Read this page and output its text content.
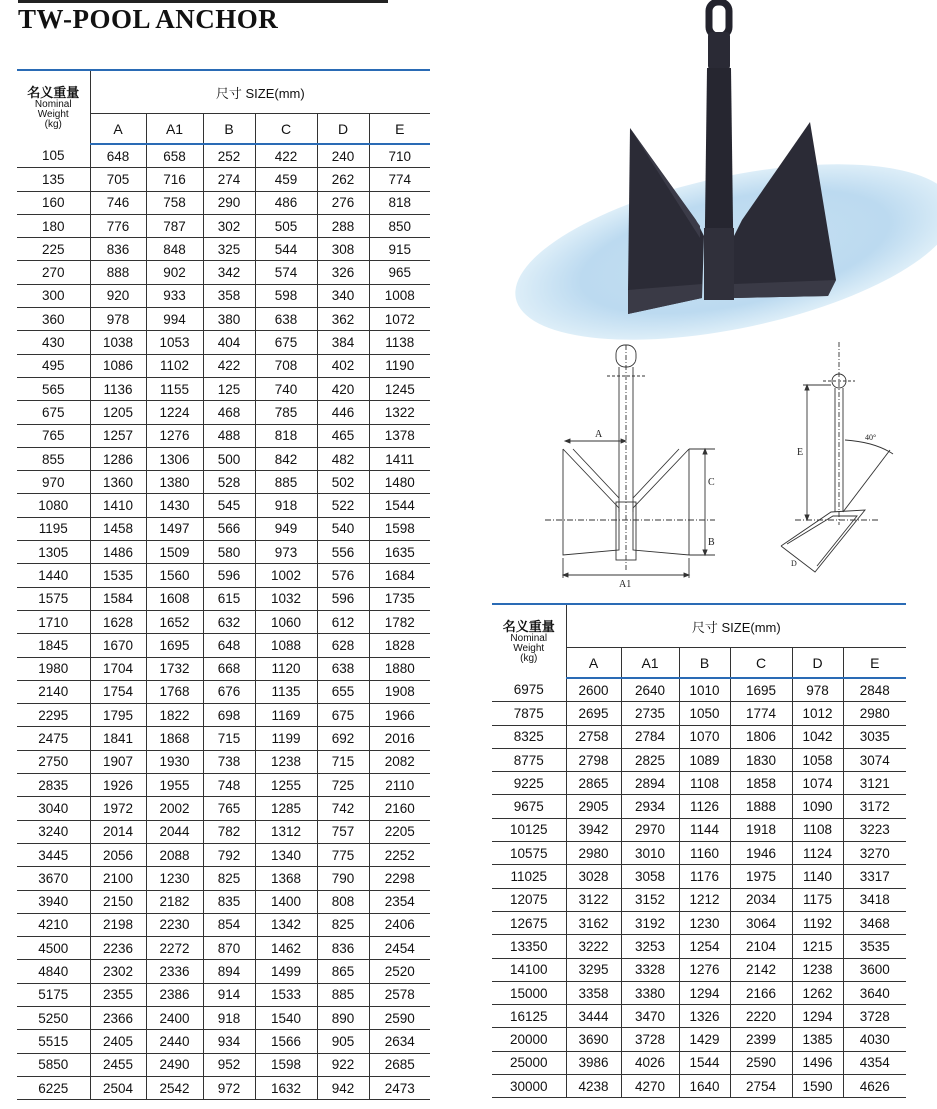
TW-POOL ANCHOR
名义重量
Nominal
Weight
(kg)	尺寸 SIZE(mm)					
	A	A1	B	C	D	E
105	648	658	252	422	240	710
135	705	716	274	459	262	774
160	746	758	290	486	276	818
180	776	787	302	505	288	850
225	836	848	325	544	308	915
270	888	902	342	574	326	965
300	920	933	358	598	340	1008
360	978	994	380	638	362	1072
430	1038	1053	404	675	384	1138
495	1086	1102	422	708	402	1190
565	1136	1155	125	740	420	1245
675	1205	1224	468	785	446	1322
765	1257	1276	488	818	465	1378
855	1286	1306	500	842	482	1411
970	1360	1380	528	885	502	1480
1080	1410	1430	545	918	522	1544
1195	1458	1497	566	949	540	1598
1305	1486	1509	580	973	556	1635
1440	1535	1560	596	1002	576	1684
1575	1584	1608	615	1032	596	1735
1710	1628	1652	632	1060	612	1782
1845	1670	1695	648	1088	628	1828
1980	1704	1732	668	1120	638	1880
2140	1754	1768	676	1135	655	1908
2295	1795	1822	698	1169	675	1966
2475	1841	1868	715	1199	692	2016
2750	1907	1930	738	1238	715	2082
2835	1926	1955	748	1255	725	2110
3040	1972	2002	765	1285	742	2160
3240	2014	2044	782	1312	757	2205
3445	2056	2088	792	1340	775	2252
3670	2100	1230	825	1368	790	2298
3940	2150	2182	835	1400	808	2354
4210	2198	2230	854	1342	825	2406
4500	2236	2272	870	1462	836	2454
4840	2302	2336	894	1499	865	2520
5175	2355	2386	914	1533	885	2578
5250	2366	2400	918	1540	890	2590
5515	2405	2440	934	1566	905	2634
5850	2455	2490	952	1598	922	2685
6225	2504	2542	972	1632	942	2473
A
A1
C
B
E
40°
D
名义重量
Nominal
Weight
(kg)	尺寸 SIZE(mm)					
	A	A1	B	C	D	E
6975	2600	2640	1010	1695	978	2848
7875	2695	2735	1050	1774	1012	2980
8325	2758	2784	1070	1806	1042	3035
8775	2798	2825	1089	1830	1058	3074
9225	2865	2894	1108	1858	1074	3121
9675	2905	2934	1126	1888	1090	3172
10125	3942	2970	1144	1918	1108	3223
10575	2980	3010	1160	1946	1124	3270
11025	3028	3058	1176	1975	1140	3317
12075	3122	3152	1212	2034	1175	3418
12675	3162	3192	1230	3064	1192	3468
13350	3222	3253	1254	2104	1215	3535
14100	3295	3328	1276	2142	1238	3600
15000	3358	3380	1294	2166	1262	3640
16125	3444	3470	1326	2220	1294	3728
20000	3690	3728	1429	2399	1385	4030
25000	3986	4026	1544	2590	1496	4354
30000	4238	4270	1640	2754	1590	4626
